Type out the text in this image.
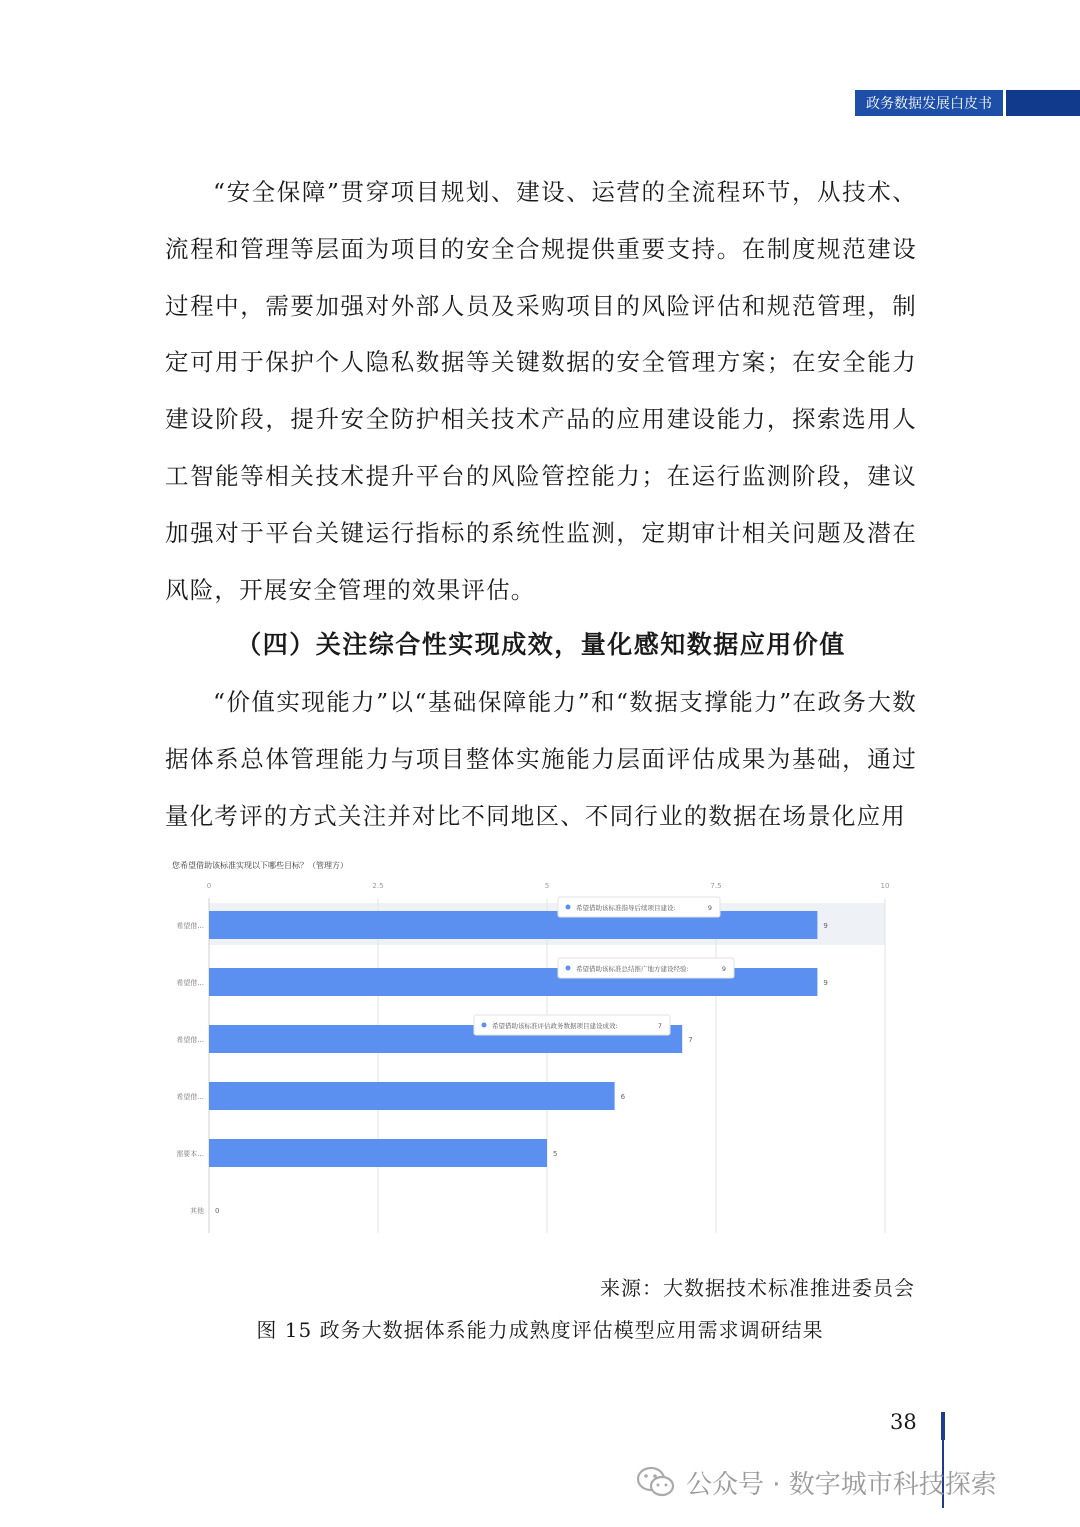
政务数据发展白皮书

“安全保障”贯穿项目规划、建设、运营的全流程环节，从技术、流程和管理等层面为项目的安全合规提供重要支持。在制度规范建设过程中，需要加强对外部人员及采购项目的风险评估和规范管理，制定可用于保护个人隐私数据等关键数据的安全管理方案；在安全能力建设阶段，提升安全防护相关技术产品的应用建设能力，探索选用人工智能等相关技术提升平台的风险管控能力；在运行监测阶段，建议加强对于平台关键运行指标的系统性监测，定期审计相关问题及潜在风险，开展安全管理的效果评估。

（四）关注综合性实现成效，量化感知数据应用价值

“价值实现能力”以“基础保障能力”和“数据支撑能力”在政务大数据体系总体管理能力与项目整体实施能力层面评估成果为基础，通过量化考评的方式关注并对比不同地区、不同行业的数据在场景化应用

0	2.5	5	7.5	10
希望借...	9
希望借...	9
希望借...	7
希望借...	6
需要本...	5
其他 0
希望借助该标准指导后续项目建设:	9
希望借助该标准总结推广地方建设经验:	9
希望借助该标准评估政务数据项目建设成效:	7
您希望借助该标准实现以下哪些目标？（管理方）
来源：大数据技术标准推进委员会
图 15 政务大数据体系能力成熟度评估模型应用需求调研结果
38
公众号 · 数字城市科技探索
